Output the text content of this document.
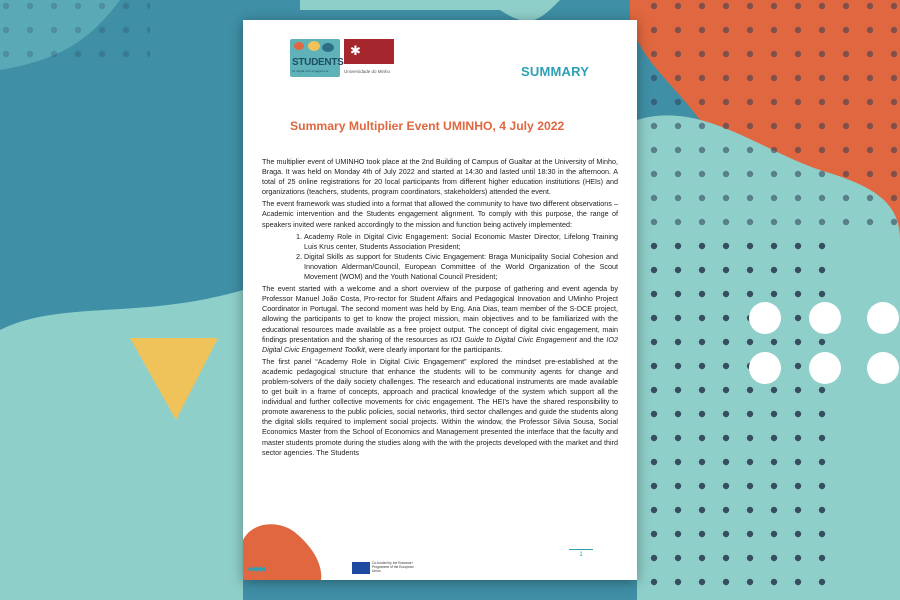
STUDENTS
for digital civic engagement
✱
Universidade do Minho	SUMMARY
Summary Multiplier Event UMINHO, 4 July 2022

The multiplier event of UMINHO took place at the 2nd Building of Campus of Gualtar at the University of Minho, Braga. It was held on Monday 4th of July 2022 and started at 14:30 and lasted until 18:30 in the afternoon. A total of 25 online registrations for 20 local participants from different higher education institutions (HEIs) and organizations (teachers, students, program coordinators, stakeholders) attended the event.

The event framework was studied into a format that allowed the community to have two different observations – Academic intervention and the Students engagement alignment. To comply with this purpose, the range of speakers invited were ranked accordingly to the mission and function being actively implemented:

1. Academy Role in Digital Civic Engagement: Social Economic Master Director, Lifelong Training Luis Krus center, Students Association President;
2. Digital Skills as support for Students Civic Engagement: Braga Municipality Social Cohesion and Innovation Alderman/Council, European Committee of the World Organization of the Scout Movement (WOM) and the Youth National Council President;

The event started with a welcome and a short overview of the purpose of gathering and event agenda by Professor Manuel João Costa, Pro-rector for Student Affairs and Pedagogical Innovation and UMinho Project Coordinator in Portugal. The second moment was held by Eng. Ana Dias, team member of the S-DCE project, allowing the participants to get to know the project mission, main objectives and to be familiarized with the educational resources made available as a free project output. The concept of digital civic engagement, main findings presentation and the sharing of the resources as IO1 Guide to Digital Civic Engagement and the IO2 Digital Civic Engagement Toolkit, were clearly important for the participants.

The first panel “Academy Role in Digital Civic Engagement” explored the mindset pre-established at the academic pedagogical structure that enhance the students will to be community agents for change and problem-solvers of the daily society challenges. The research and educational instruments are made available to get built in a frame of concepts, approach and practical knowledge of the system which support all the individual and further collective movements for civic engagement. The HEI’s have the shared responsibility to promote awareness to the public policies, social networks, third sector challenges and guide the students along the digital skills required to implement social projects. Within the window, the Professor Silvia Sousa, Social Economics Master from the School of Economics and Management presented the interface that the faculty and master students promote during the studies along with the with the projects developed with the market and third sector agencies. The Students

◀◀◀◀
1
Co-funded by the Erasmus+ Programme of the European Union
